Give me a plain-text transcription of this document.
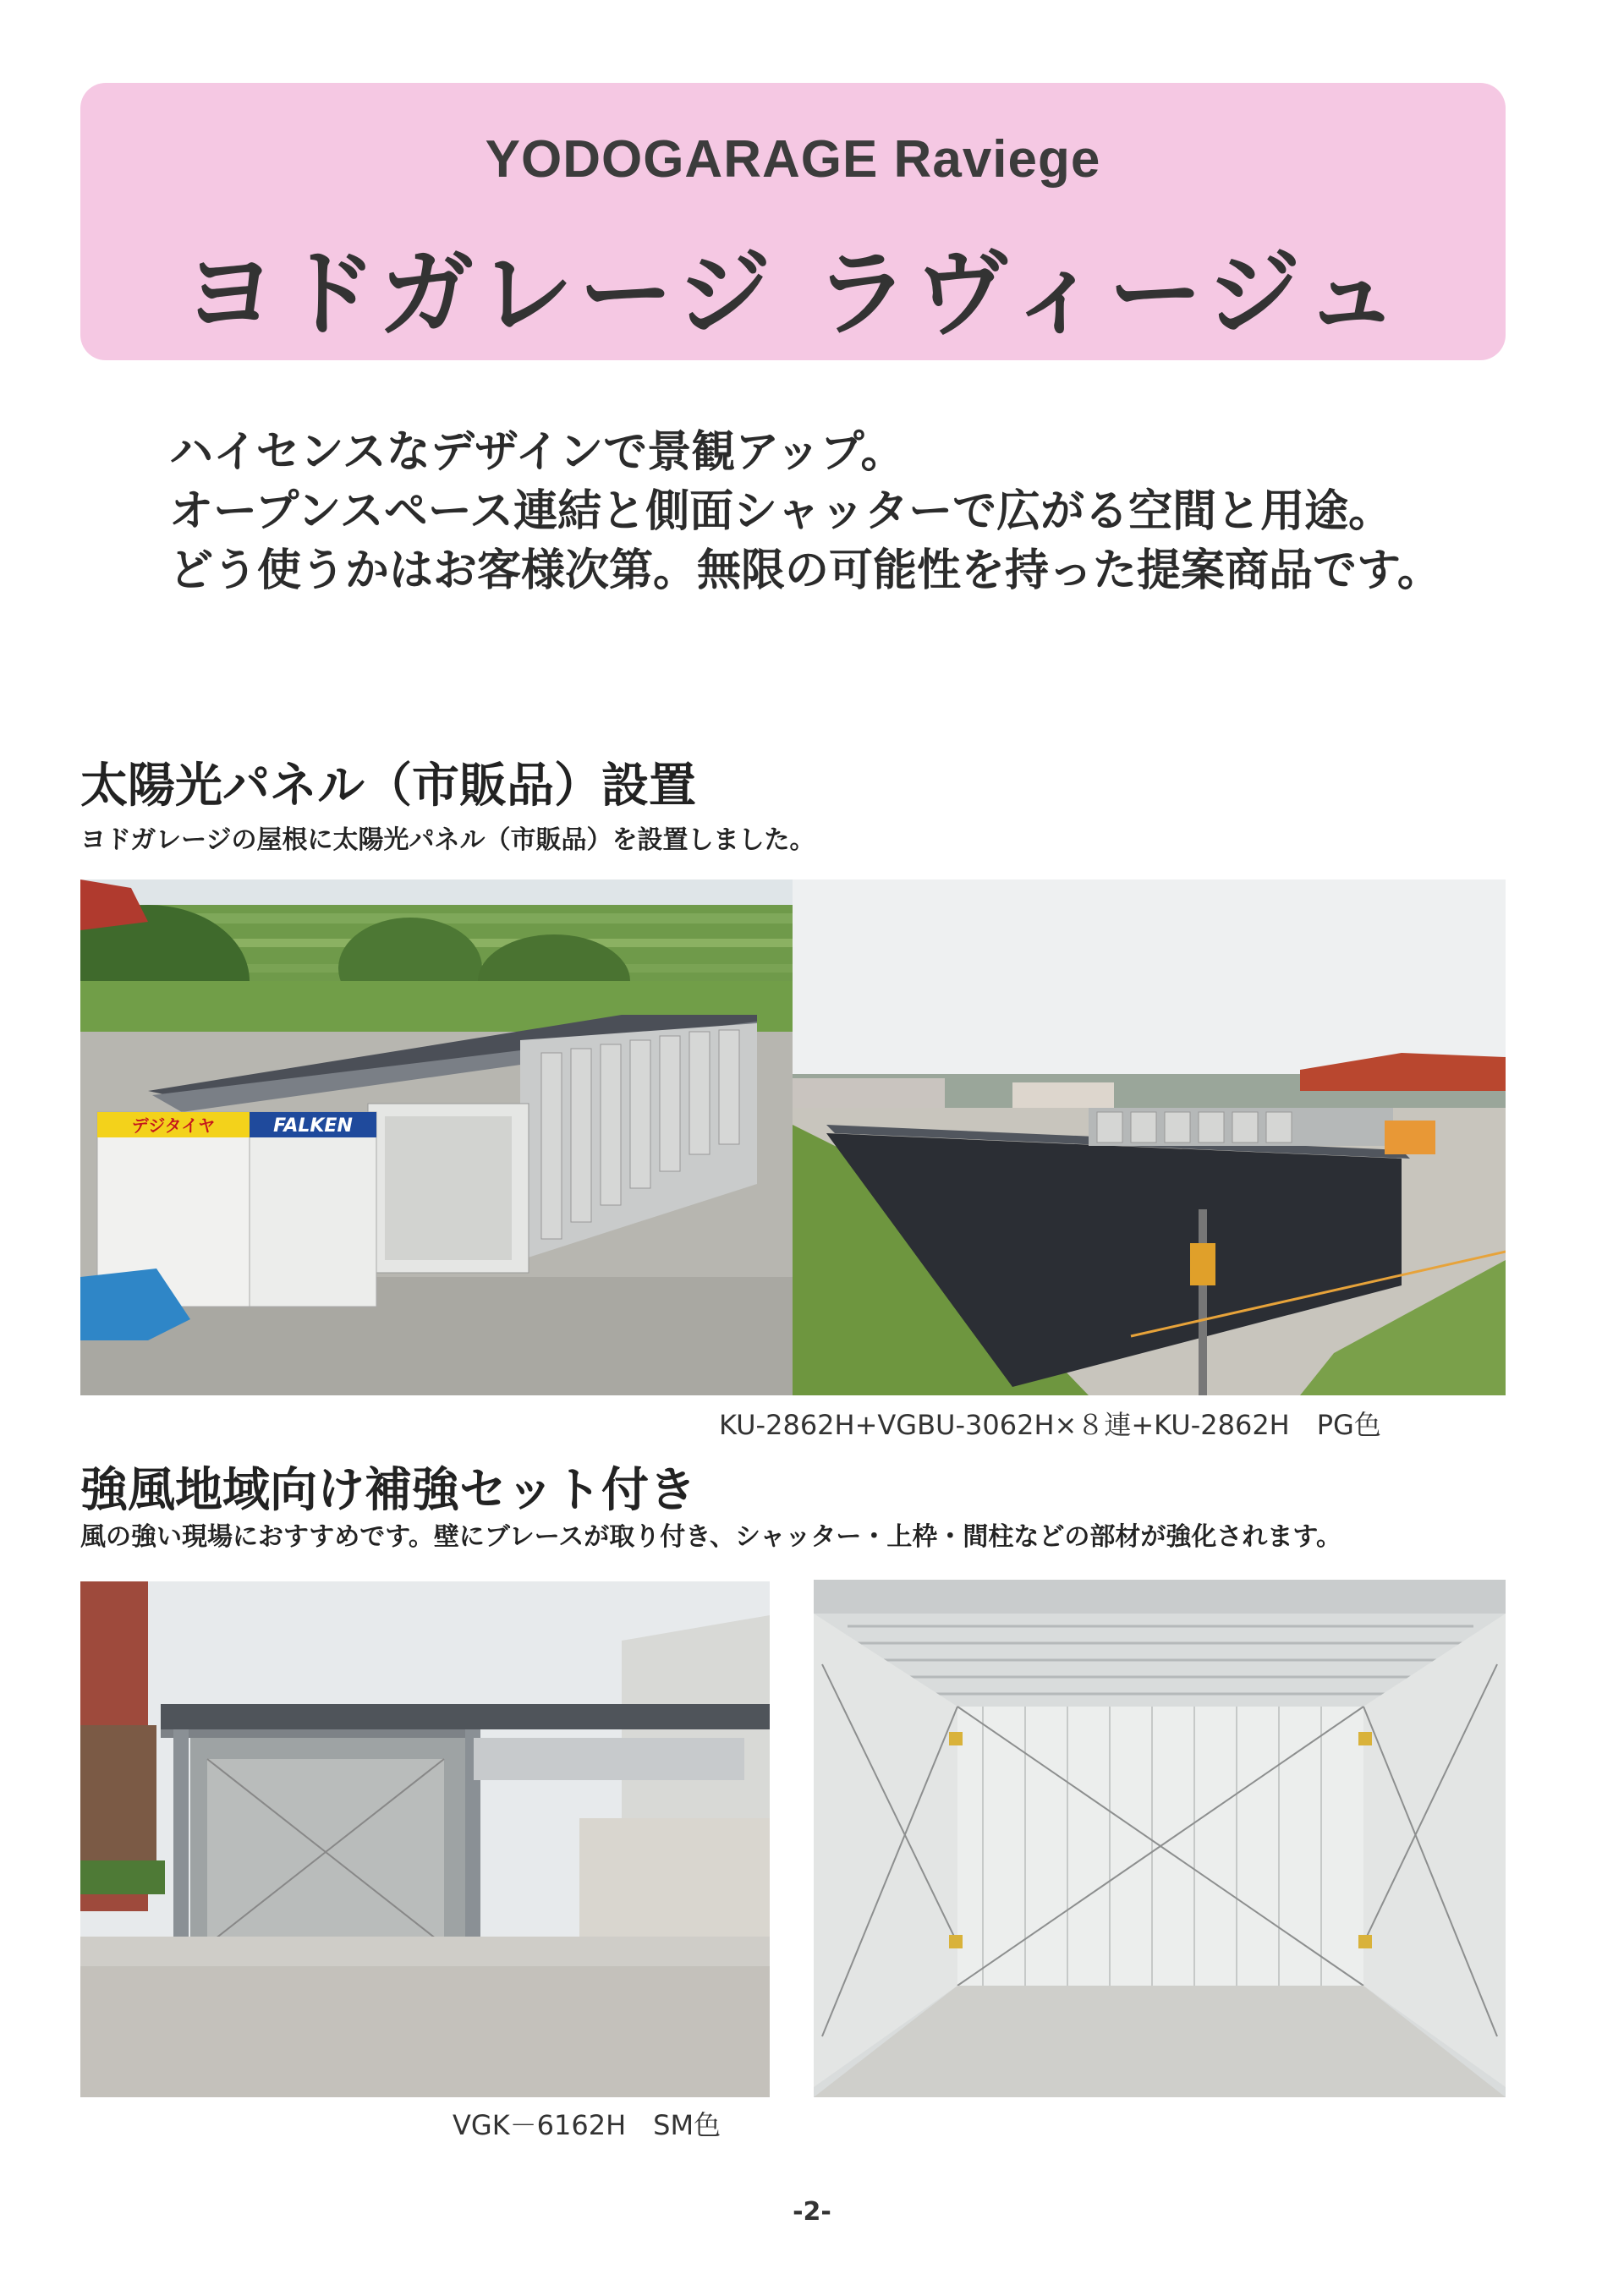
YODOGARAGE Raviege
ヨドガレージ ラヴィージュ
ハイセンスなデザインで景観アップ。
オープンスペース連結と側面シャッターで広がる空間と用途。
どう使うかはお客様次第。無限の可能性を持った提案商品です。
太陽光パネル（市販品）設置
ヨドガレージの屋根に太陽光パネル（市販品）を設置しました。
デジタイヤ	FALKEN
KU-2862H+VGBU-3062H×８連+KU-2862H　PG色
強風地域向け補強セット付き
風の強い現場におすすめです。壁にブレースが取り付き、シャッター・上枠・間柱などの部材が強化されます。
VGK－6162H　SM色
-2-
